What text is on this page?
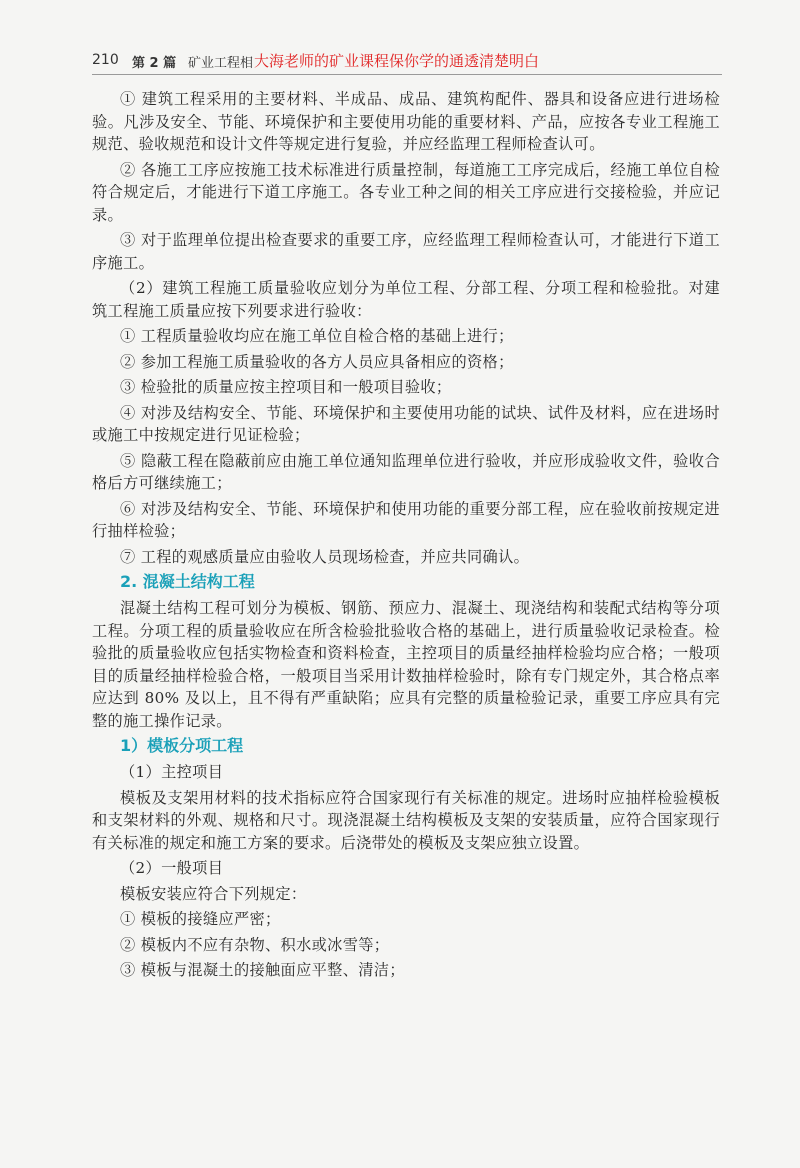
210 第 2 篇 矿业工程相 大海老师的矿业课程保你学的通透清楚明白

① 建筑工程采用的主要材料、半成品、成品、建筑构配件、器具和设备应进行进场检验。凡涉及安全、节能、环境保护和主要使用功能的重要材料、产品，应按各专业工程施工规范、验收规范和设计文件等规定进行复验，并应经监理工程师检查认可。

② 各施工工序应按施工技术标准进行质量控制，每道施工工序完成后，经施工单位自检符合规定后，才能进行下道工序施工。各专业工种之间的相关工序应进行交接检验，并应记录。

③ 对于监理单位提出检查要求的重要工序，应经监理工程师检查认可，才能进行下道工序施工。

（2）建筑工程施工质量验收应划分为单位工程、分部工程、分项工程和检验批。对建筑工程施工质量应按下列要求进行验收：

① 工程质量验收均应在施工单位自检合格的基础上进行；

② 参加工程施工质量验收的各方人员应具备相应的资格；

③ 检验批的质量应按主控项目和一般项目验收；

④ 对涉及结构安全、节能、环境保护和主要使用功能的试块、试件及材料，应在进场时或施工中按规定进行见证检验；

⑤ 隐蔽工程在隐蔽前应由施工单位通知监理单位进行验收，并应形成验收文件，验收合格后方可继续施工；

⑥ 对涉及结构安全、节能、环境保护和使用功能的重要分部工程，应在验收前按规定进行抽样检验；

⑦ 工程的观感质量应由验收人员现场检查，并应共同确认。

2. 混凝土结构工程

混凝土结构工程可划分为模板、钢筋、预应力、混凝土、现浇结构和装配式结构等分项工程。分项工程的质量验收应在所含检验批验收合格的基础上，进行质量验收记录检查。检验批的质量验收应包括实物检查和资料检查，主控项目的质量经抽样检验均应合格；一般项目的质量经抽样检验合格，一般项目当采用计数抽样检验时，除有专门规定外，其合格点率应达到 80% 及以上，且不得有严重缺陷；应具有完整的质量检验记录，重要工序应具有完整的施工操作记录。

1）模板分项工程

（1）主控项目

模板及支架用材料的技术指标应符合国家现行有关标准的规定。进场时应抽样检验模板和支架材料的外观、规格和尺寸。现浇混凝土结构模板及支架的安装质量，应符合国家现行有关标准的规定和施工方案的要求。后浇带处的模板及支架应独立设置。

（2）一般项目

模板安装应符合下列规定：

① 模板的接缝应严密；

② 模板内不应有杂物、积水或冰雪等；

③ 模板与混凝土的接触面应平整、清洁；
